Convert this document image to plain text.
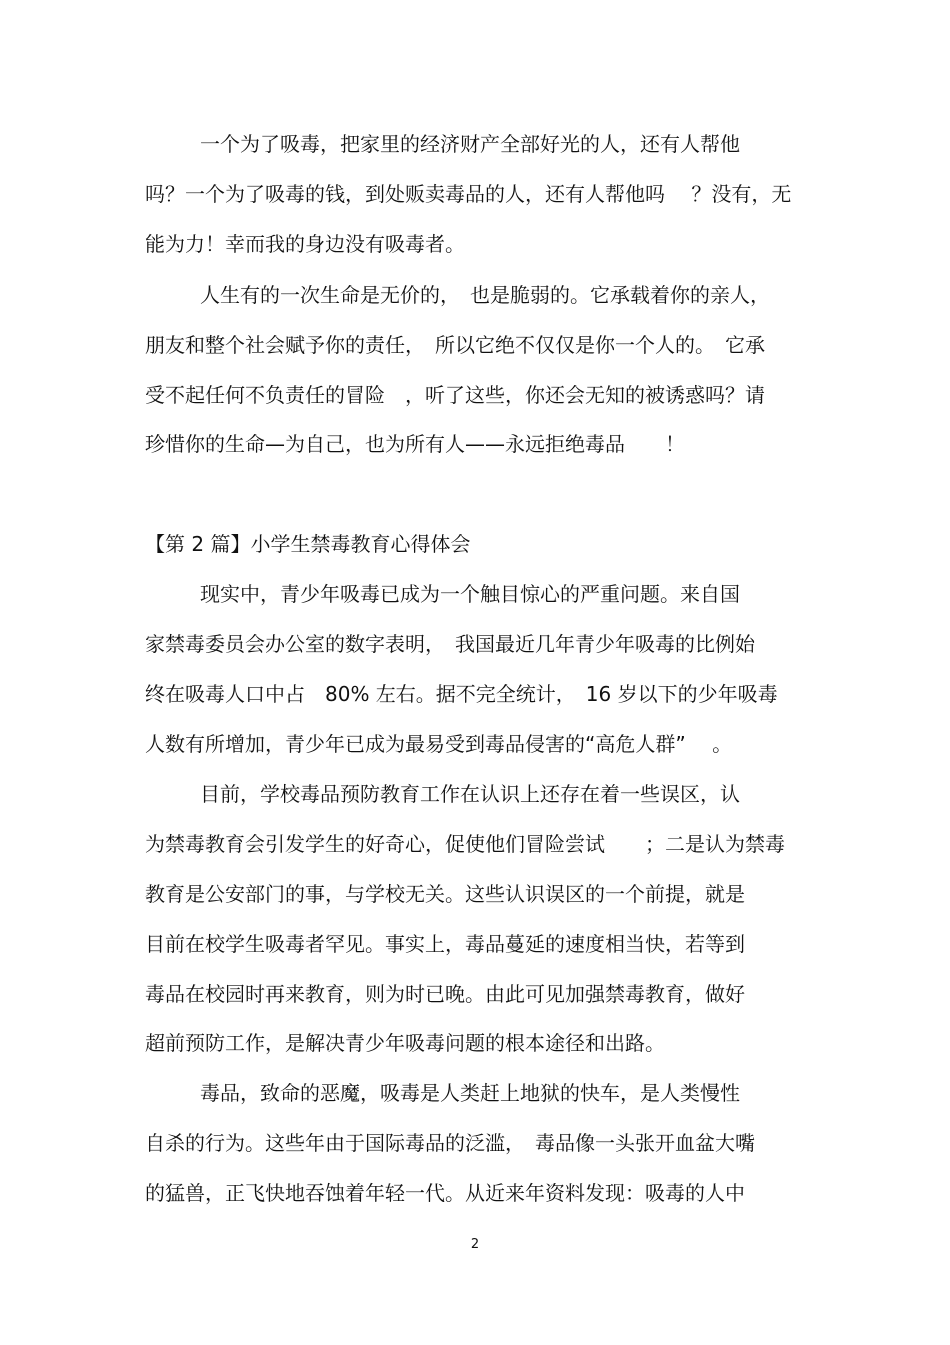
一个为了吸毒，把家里的经济财产全部好光的人，还有人帮他
吗？一个为了吸毒的钱，到处贩卖毒品的人，还有人帮他吗　 ？没有，无
能为力！幸而我的身边没有吸毒者。
人生有的一次生命是无价的，　也是脆弱的。它承载着你的亲人，
朋友和整个社会赋予你的责任，　所以它绝不仅仅是你一个人的。　它承
受不起任何不负责任的冒险　，听了这些，你还会无知的被诱惑吗？请
珍惜你的生命—为自己，也为所有人——永远拒绝毒品　　！
【第 2 篇】小学生禁毒教育心得体会
现实中，青少年吸毒已成为一个触目惊心的严重问题。来自国
家禁毒委员会办公室的数字表明，　我国最近几年青少年吸毒的比例始
终在吸毒人口中占　80% 左右。据不完全统计，　16 岁以下的少年吸毒
人数有所增加，青少年已成为最易受到毒品侵害的“高危人群”　 。
目前，学校毒品预防教育工作在认识上还存在着一些误区，认
为禁毒教育会引发学生的好奇心，促使他们冒险尝试　　；二是认为禁毒
教育是公安部门的事，与学校无关。这些认识误区的一个前提，就是
目前在校学生吸毒者罕见。事实上，毒品蔓延的速度相当快，若等到
毒品在校园时再来教育，则为时已晚。由此可见加强禁毒教育，做好
超前预防工作，是解决青少年吸毒问题的根本途径和出路。
毒品，致命的恶魔，吸毒是人类赶上地狱的快车，是人类慢性
自杀的行为。这些年由于国际毒品的泛滥，　毒品像一头张开血盆大嘴
的猛兽，正飞快地吞蚀着年轻一代。从近来年资料发现：吸毒的人中
2
